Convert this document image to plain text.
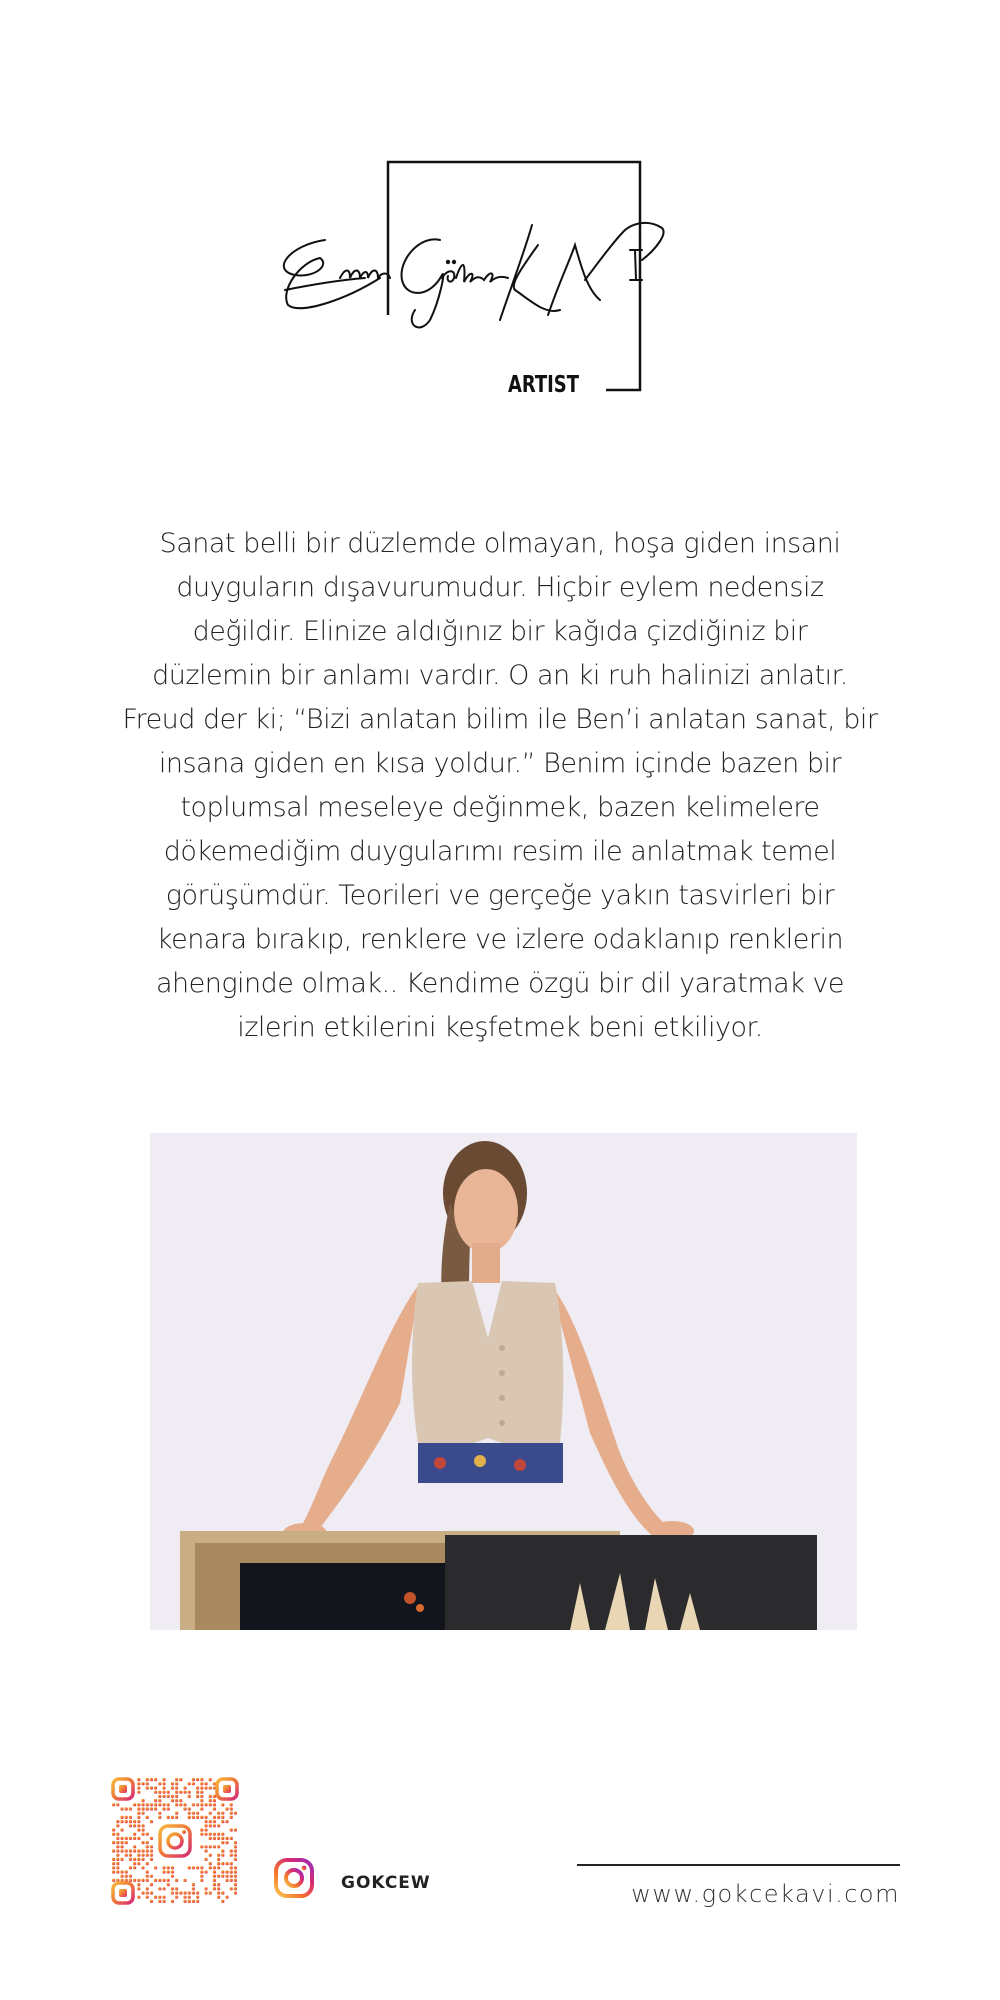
ARTIST
Sanat belli bir düzlemde olmayan, hoşa giden insani
duyguların dışavurumudur. Hiçbir eylem nedensiz
değildir. Elinize aldığınız bir kağıda çizdiğiniz bir
düzlemin bir anlamı vardır. O an ki ruh halinizi anlatır.
Freud der ki; “Bizi anlatan bilim ile Ben’i anlatan sanat, bir
insana giden en kısa yoldur.” Benim içinde bazen bir
toplumsal meseleye değinmek, bazen kelimelere
dökemediğim duygularımı resim ile anlatmak temel
görüşümdür. Teorileri ve gerçeğe yakın tasvirleri bir
kenara bırakıp, renklere ve izlere odaklanıp renklerin
ahenginde olmak.. Kendime özgü bir dil yaratmak ve
izlerin etkilerini keşfetmek beni etkiliyor.
GOKCEW	www.gokcekavi.com
